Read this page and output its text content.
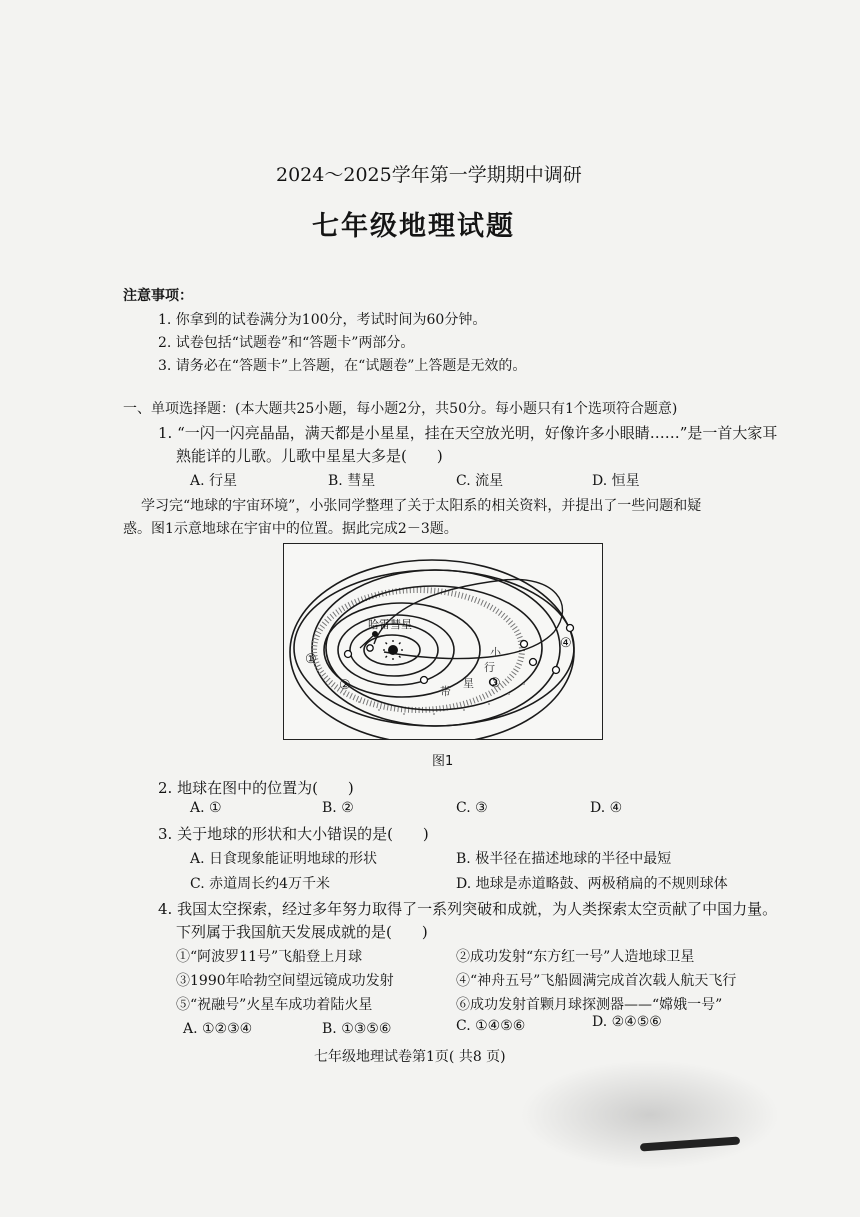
2024～2025学年第一学期期中调研
七年级地理试题
注意事项：
1. 你拿到的试卷满分为100分，考试时间为60分钟。
2. 试卷包括“试题卷”和“答题卡”两部分。
3. 请务必在“答题卡”上答题，在“试题卷”上答题是无效的。
一、单项选择题：(本大题共25小题，每小题2分，共50分。每小题只有1个选项符合题意)
1. “一闪一闪亮晶晶，满天都是小星星，挂在天空放光明，好像许多小眼睛……”是一首大家耳
熟能详的儿歌。儿歌中星星大多是(　　)
A. 行星	B. 彗星	C. 流星	D. 恒星
学习完“地球的宇宙环境”，小张同学整理了关于太阳系的相关资料，并提出了一些问题和疑
惑。图1示意地球在宇宙中的位置。据此完成2－3题。
哈雷彗星
①
②	③
④
小
行
带
星
图1
2. 地球在图中的位置为(　　)
A. ①	B. ②	C. ③	D. ④
3. 关于地球的形状和大小错误的是(　　)
A. 日食现象能证明地球的形状	B. 极半径在描述地球的半径中最短
C. 赤道周长约4万千米	D. 地球是赤道略鼓、两极稍扁的不规则球体
4. 我国太空探索，经过多年努力取得了一系列突破和成就，为人类探索太空贡献了中国力量。
下列属于我国航天发展成就的是(　　)
①“阿波罗11号”飞船登上月球	②成功发射“东方红一号”人造地球卫星
③1990年哈勃空间望远镜成功发射	④“神舟五号”飞船圆满完成首次载人航天飞行
⑤“祝融号”火星车成功着陆火星	⑥成功发射首颗月球探测器——“嫦娥一号”
A. ①②③④	B. ①③⑤⑥	C. ①④⑤⑥	D. ②④⑤⑥
七年级地理试卷第1页( 共8 页)
